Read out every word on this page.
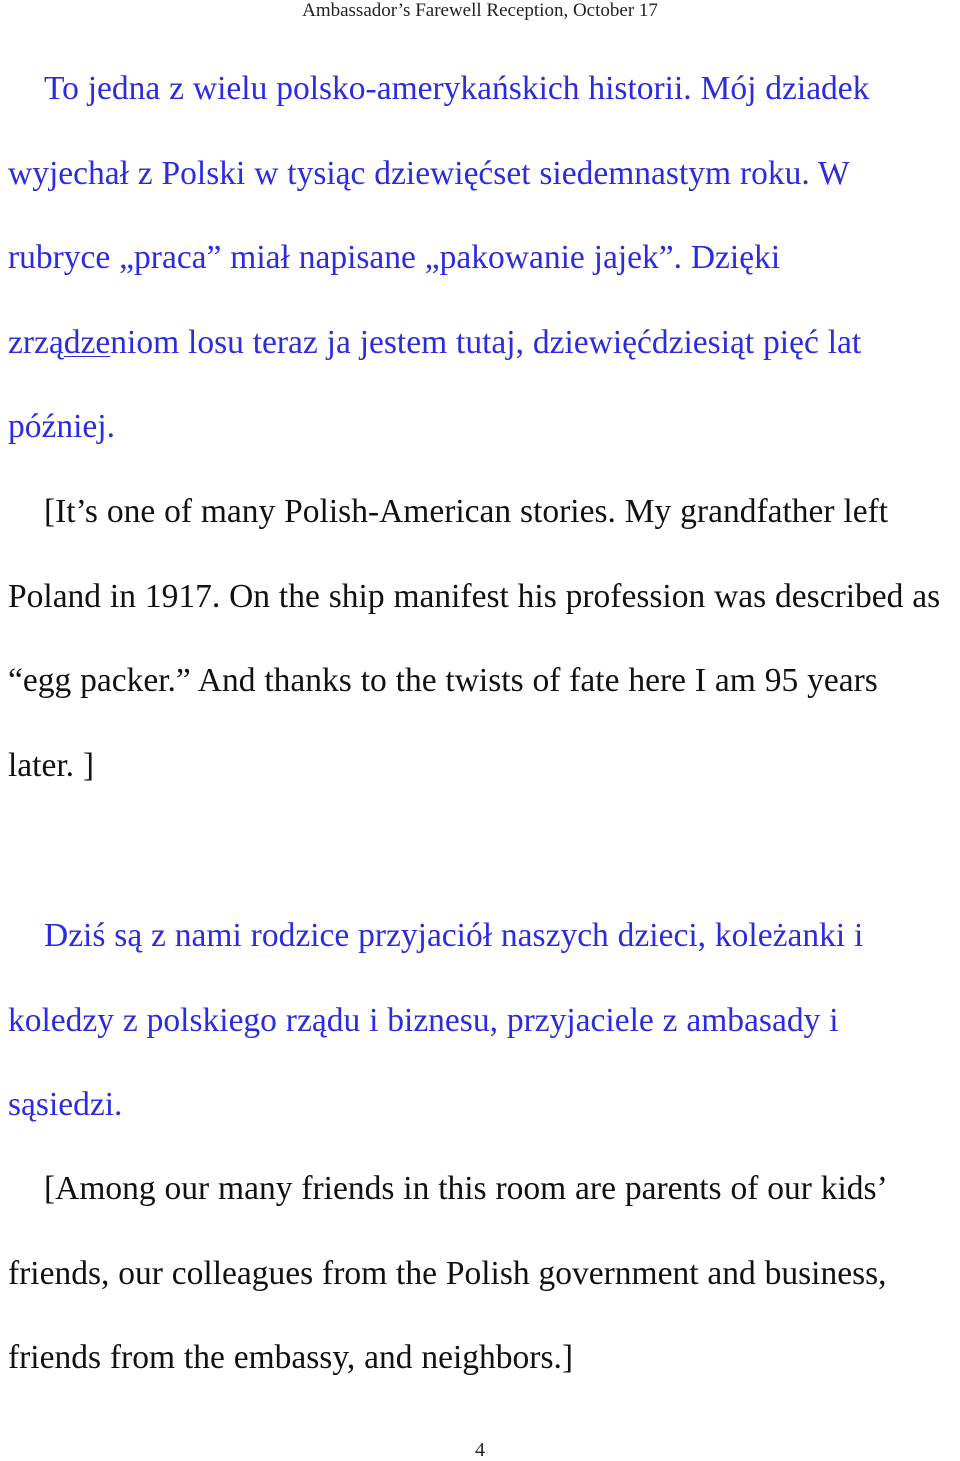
Ambassador’s Farewell Reception, October 17

To jedna z wielu polsko-amerykańskich historii. Mój dziadek wyjechał z Polski w tysiąc dziewięćset siedemnastym roku. W rubryce „praca” miał napisane „pakowanie jajek”. Dzięki zrządzeniom losu teraz ja jestem tutaj, dziewięćdziesiąt pięć lat później.

[It’s one of many Polish-American stories. My grandfather left Poland in 1917. On the ship manifest his profession was described as “egg packer.” And thanks to the twists of fate here I am 95 years later. ]

Dziś są z nami rodzice przyjaciół naszych dzieci, koleżanki i koledzy z polskiego rządu i biznesu, przyjaciele z ambasady i sąsiedzi.

[Among our many friends in this room are parents of our kids’ friends, our colleagues from the Polish government and business, friends from the embassy, and neighbors.]

4
